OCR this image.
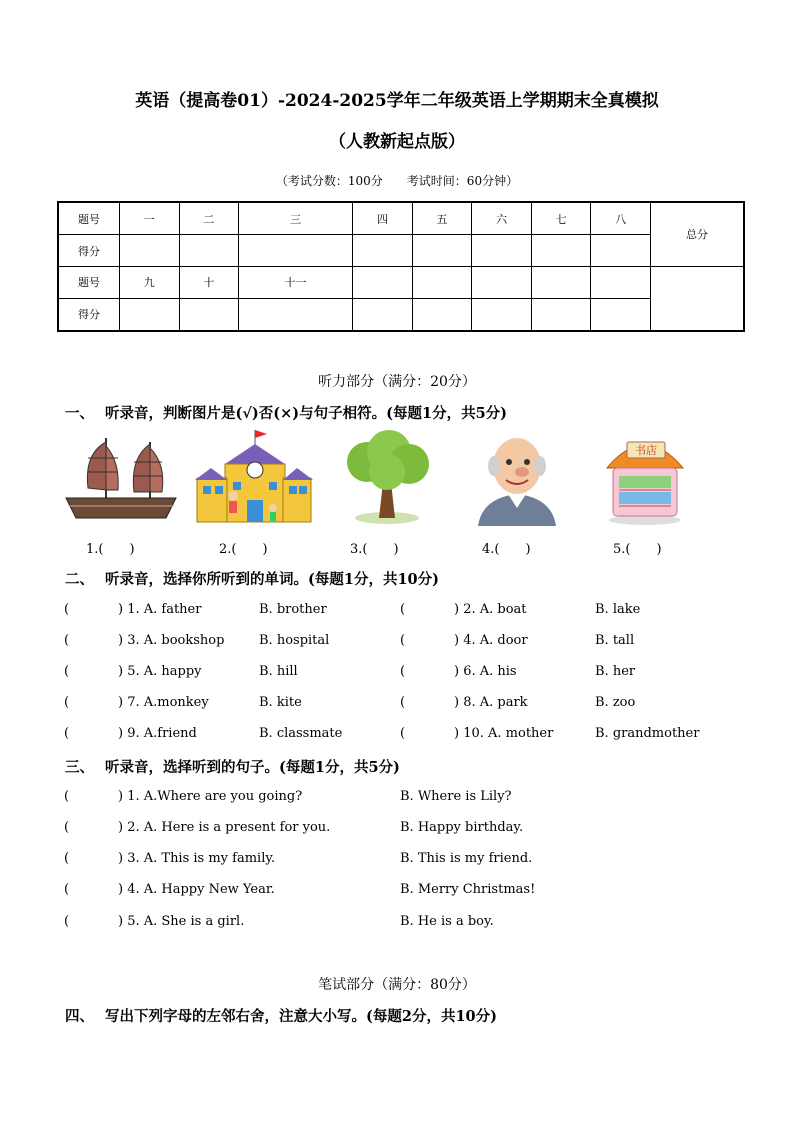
英语（提高卷01）-2024-2025学年二年级英语上学期期末全真模拟
（人教新起点版）
（考试分数：100分　　考试时间：60分钟）
题号	一	二	三	四	五	六	七	八	总分
得分									
题号	九	十	十一						
得分									
听力部分（满分：20分）
一、 听录音，判断图片是(√)否(×)与句子相符。(每题1分，共5分)
书店
1.(　　)	2.(　　)	3.(　　)	4.(　　)	5.(　　)
二、 听录音，选择你所听到的单词。(每题1分，共10分)
(	) 1. A. father	B. brother	(	) 2. A. boat	B. lake
(	) 3. A. bookshop	B. hospital	(	) 4. A. door	B. tall
(	) 5. A. happy	B. hill	(	) 6. A. his	B. her
(	) 7. A.monkey	B. kite	(	) 8. A. park	B. zoo
(	) 9. A.friend	B. classmate	(	) 10. A. mother	B. grandmother
三、 听录音，选择听到的句子。(每题1分，共5分)
(	) 1. A.Where are you going?	B. Where is Lily?
(	) 2. A. Here is a present for you.	B. Happy birthday.
(	) 3. A. This is my family.	B. This is my friend.
(	) 4. A. Happy New Year.	B. Merry Christmas!
(	) 5. A. She is a girl.	B. He is a boy.
笔试部分（满分：80分）
四、 写出下列字母的左邻右舍，注意大小写。(每题2分，共10分)
